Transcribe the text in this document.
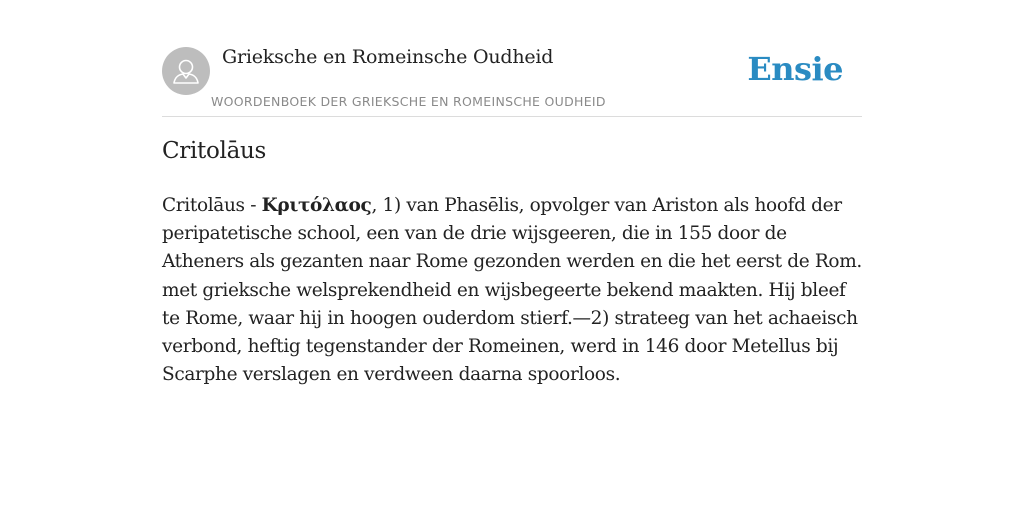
Grieksche en Romeinsche Oudheid
WOORDENBOEK DER GRIEKSCHE EN ROMEINSCHE OUDHEID
Ensie
Critolāus

Critolāus - Κριτόλαος, 1) van Phasēlis, opvolger van Ariston als hoofd der peripatetische school, een van de drie wijsgeeren, die in 155 door de Atheners als gezanten naar Rome gezonden werden en die het eerst de Rom. met grieksche welsprekendheid en wijsbegeerte bekend maakten. Hij bleef te Rome, waar hij in hoogen ouderdom stierf.—2) strateeg van het achaeisch verbond, heftig tegenstander der Romeinen, werd in 146 door Metellus bij Scarphe verslagen en verdween daarna spoorloos.
